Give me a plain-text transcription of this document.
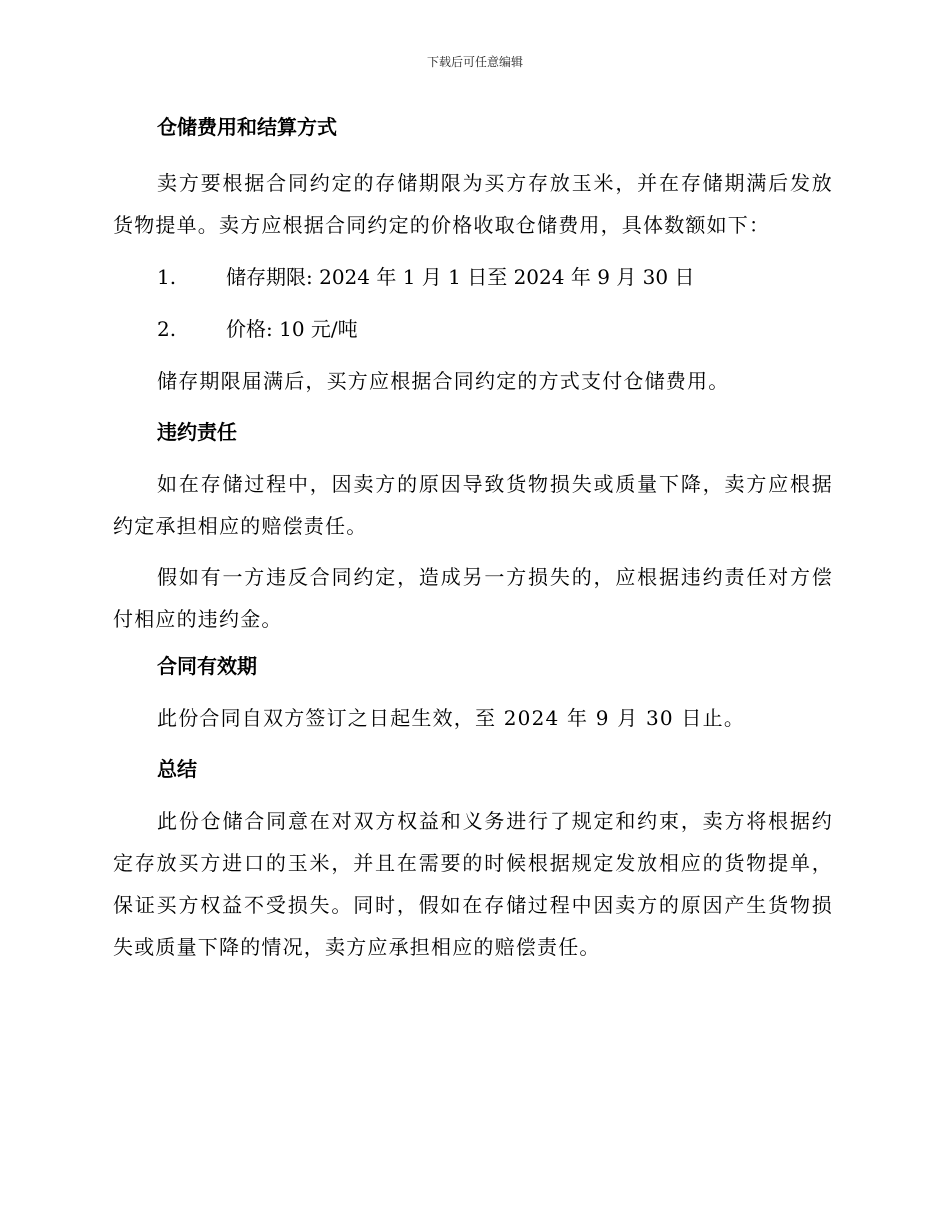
下载后可任意编辑
仓储费用和结算方式

卖方要根据合同约定的存储期限为买方存放玉米，并在存储期满后发放货物提单。卖方应根据合同约定的价格收取仓储费用，具体数额如下：

1.	储存期限: 2024 年 1 月 1 日至 2024 年 9 月 30 日
2.	价格: 10 元/吨

储存期限届满后，买方应根据合同约定的方式支付仓储费用。

违约责任

如在存储过程中，因卖方的原因导致货物损失或质量下降，卖方应根据约定承担相应的赔偿责任。

假如有一方违反合同约定，造成另一方损失的，应根据违约责任对方偿付相应的违约金。

合同有效期

此份合同自双方签订之日起生效，至 2024 年 9 月 30 日止。

总结

此份仓储合同意在对双方权益和义务进行了规定和约束，卖方将根据约定存放买方进口的玉米，并且在需要的时候根据规定发放相应的货物提单，保证买方权益不受损失。同时，假如在存储过程中因卖方的原因产生货物损失或质量下降的情况，卖方应承担相应的赔偿责任。
